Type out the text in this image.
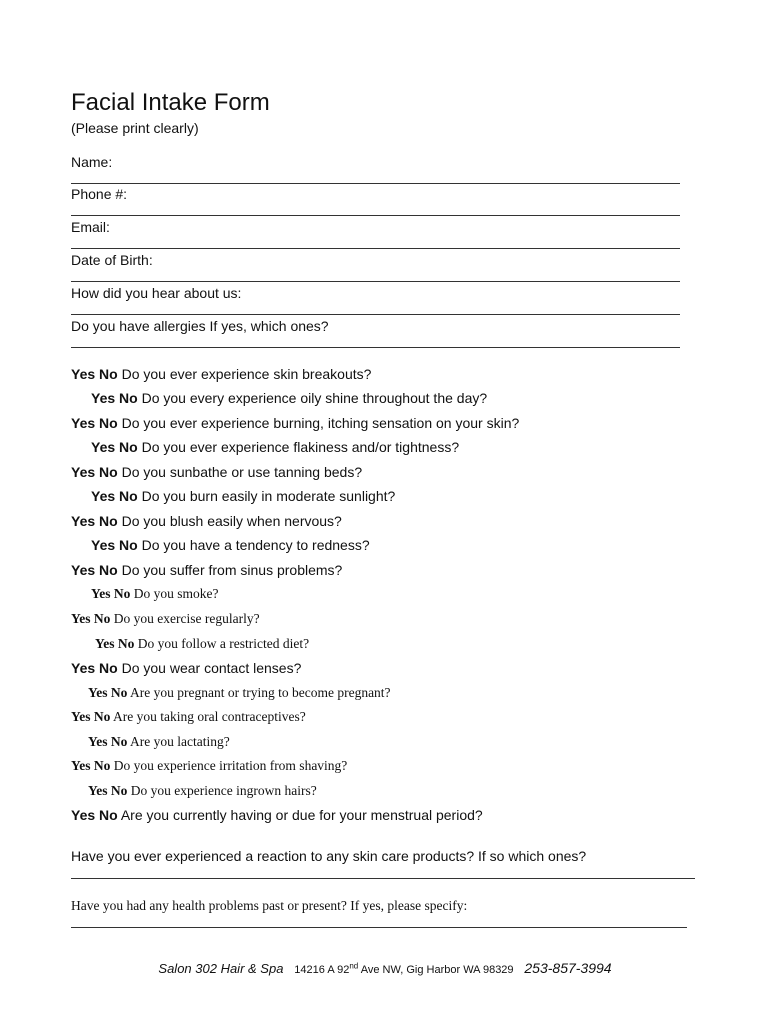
Facial Intake Form
(Please print clearly)
Name:
Phone #:
Email:
Date of Birth:
How did you hear about us:
Do you have allergies If yes, which ones?
Yes No Do you ever experience skin breakouts?
Yes No Do you every experience oily shine throughout the day?
Yes No Do you ever experience burning, itching sensation on your skin?
Yes No Do you ever experience flakiness and/or tightness?
Yes No Do you sunbathe or use tanning beds?
Yes No Do you burn easily in moderate sunlight?
Yes No Do you blush easily when nervous?
Yes No Do you have a tendency to redness?
Yes No Do you suffer from sinus problems?
Yes No Do you smoke?
Yes No Do you exercise regularly?
Yes No Do you follow a restricted diet?
Yes No Do you wear contact lenses?
Yes No Are you pregnant or trying to become pregnant?
Yes No Are you taking oral contraceptives?
Yes No Are you lactating?
Yes No Do you experience irritation from shaving?
Yes No Do you experience ingrown hairs?
Yes No Are you currently having or due for your menstrual period?
Have you ever experienced a reaction to any skin care products? If so which ones?
Have you had any health problems past or present? If yes, please specify:
Salon 302 Hair & Spa 14216 A 92nd Ave NW, Gig Harbor WA 98329 253-857-3994
